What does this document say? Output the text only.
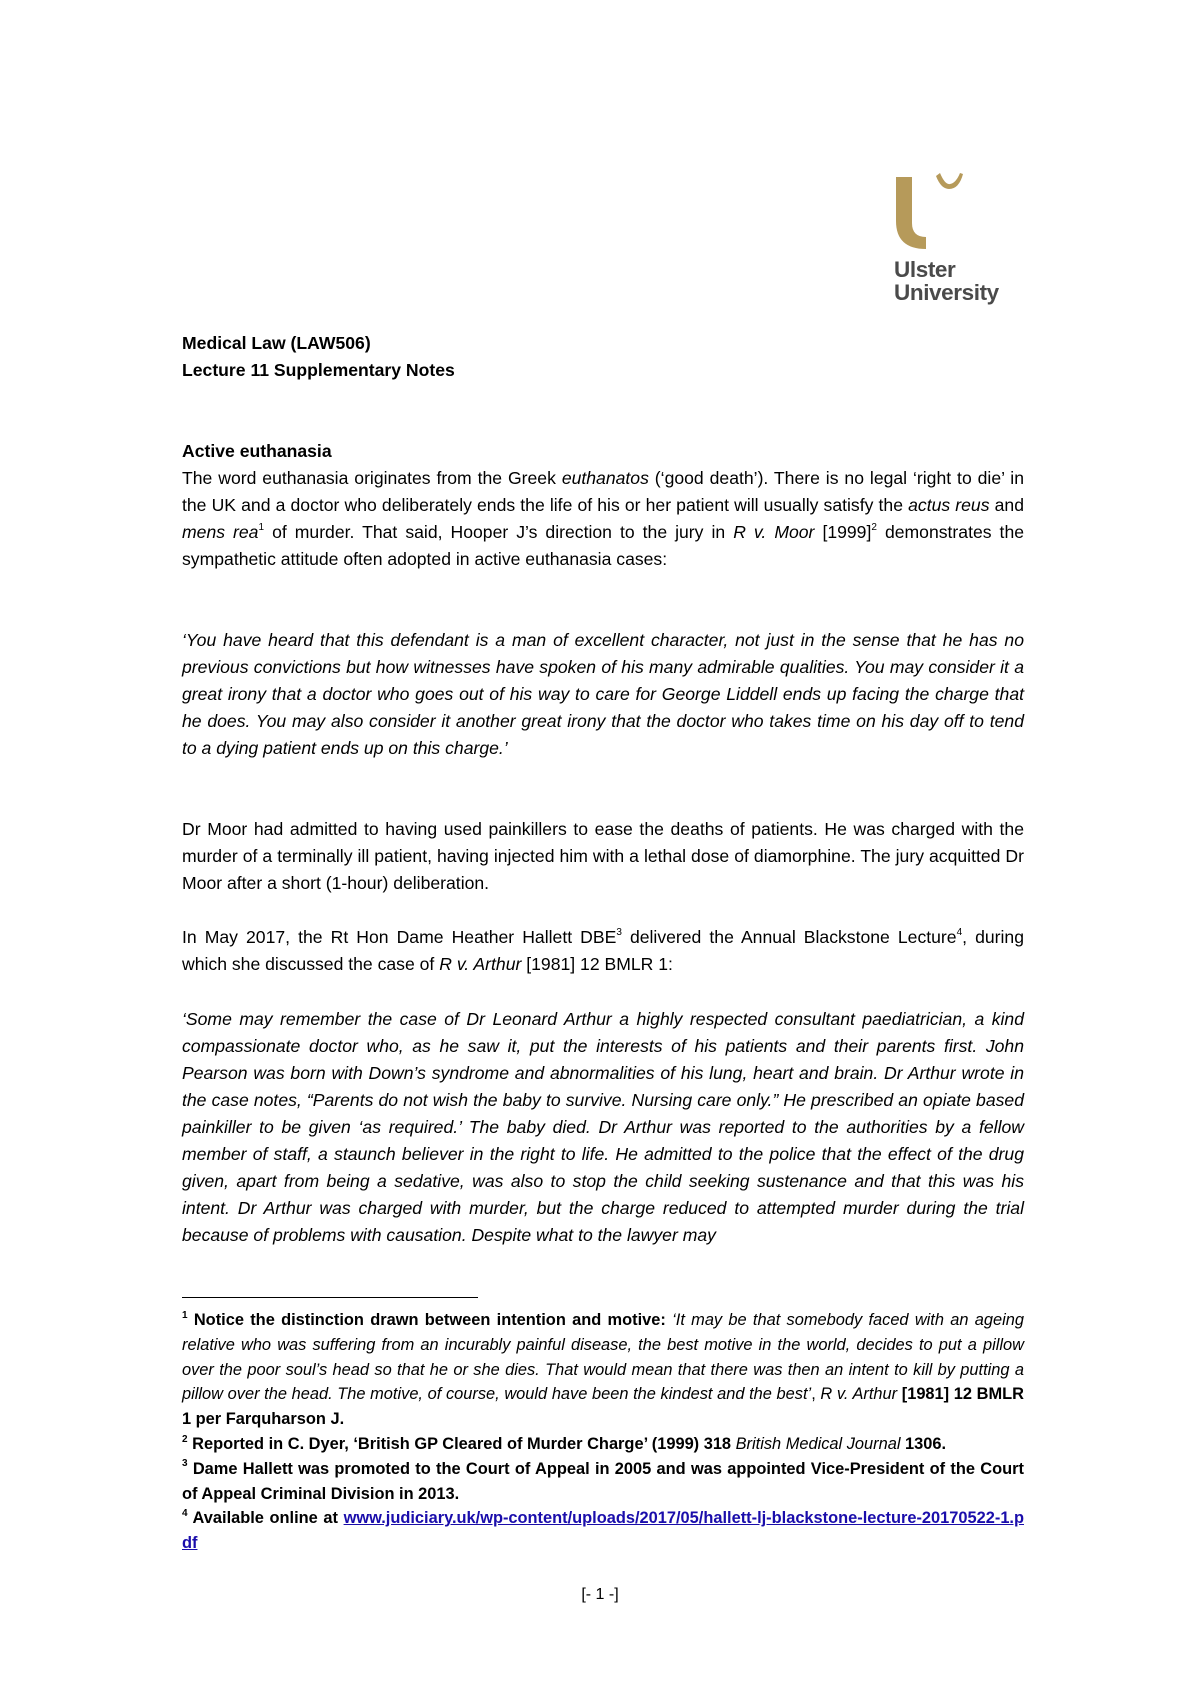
Ulster
University

Medical Law (LAW506)

Lecture 11 Supplementary Notes

Active euthanasia

The word euthanasia originates from the Greek euthanatos (‘good death’). There is no legal ‘right to die’ in the UK and a doctor who deliberately ends the life of his or her patient will usually satisfy the actus reus and mens rea$^1$ of murder. That said, Hooper J’s direction to the jury in R v. Moor $[1999]^2$ demonstrates the sympathetic attitude often adopted in active euthanasia cases:

‘You have heard that this defendant is a man of excellent character, not just in the sense that he has no previous convictions but how witnesses have spoken of his many admirable qualities. You may consider it a great irony that a doctor who goes out of his way to care for George Liddell ends up facing the charge that he does. You may also consider it another great irony that the doctor who takes time on his day off to tend to a dying patient ends up on this charge.’

Dr Moor had admitted to having used painkillers to ease the deaths of patients. He was charged with the murder of a terminally ill patient, having injected him with a lethal dose of diamorphine. The jury acquitted Dr Moor after a short (1-hour) deliberation.

In May 2017, the Rt Hon Dame Heather Hallett DBE$^3$ delivered the Annual Blackstone Lecture$^4$, during which she discussed the case of R v. Arthur [1981] 12 BMLR 1:

‘Some may remember the case of Dr Leonard Arthur a highly respected consultant paediatrician, a kind compassionate doctor who, as he saw it, put the interests of his patients and their parents first. John Pearson was born with Down’s syndrome and abnormalities of his lung, heart and brain. Dr Arthur wrote in the case notes, “Parents do not wish the baby to survive. Nursing care only.” He prescribed an opiate based painkiller to be given ‘as required.’ The baby died. Dr Arthur was reported to the authorities by a fellow member of staff, a staunch believer in the right to life. He admitted to the police that the effect of the drug given, apart from being a sedative, was also to stop the child seeking sustenance and that this was his intent. Dr Arthur was charged with murder, but the charge reduced to attempted murder during the trial because of problems with causation. Despite what to the lawyer may

$^1$ Notice the distinction drawn between intention and motive: ‘It may be that somebody faced with an ageing relative who was suffering from an incurably painful disease, the best motive in the world, decides to put a pillow over the poor soul’s head so that he or she dies. That would mean that there was then an intent to kill by putting a pillow over the head. The motive, of course, would have been the kindest and the best’, R v. Arthur [1981] 12 BMLR 1 per Farquharson J.

$^2$ Reported in C. Dyer, ‘British GP Cleared of Murder Charge’ (1999) 318 British Medical Journal 1306.

$^3$ Dame Hallett was promoted to the Court of Appeal in 2005 and was appointed Vice-President of the Court of Appeal Criminal Division in 2013.

$^4$ Available online at www.judiciary.uk/wp-content/uploads/2017/05/hallett-lj-blackstone-lecture-20170522-1.pdf

[- 1 -]
